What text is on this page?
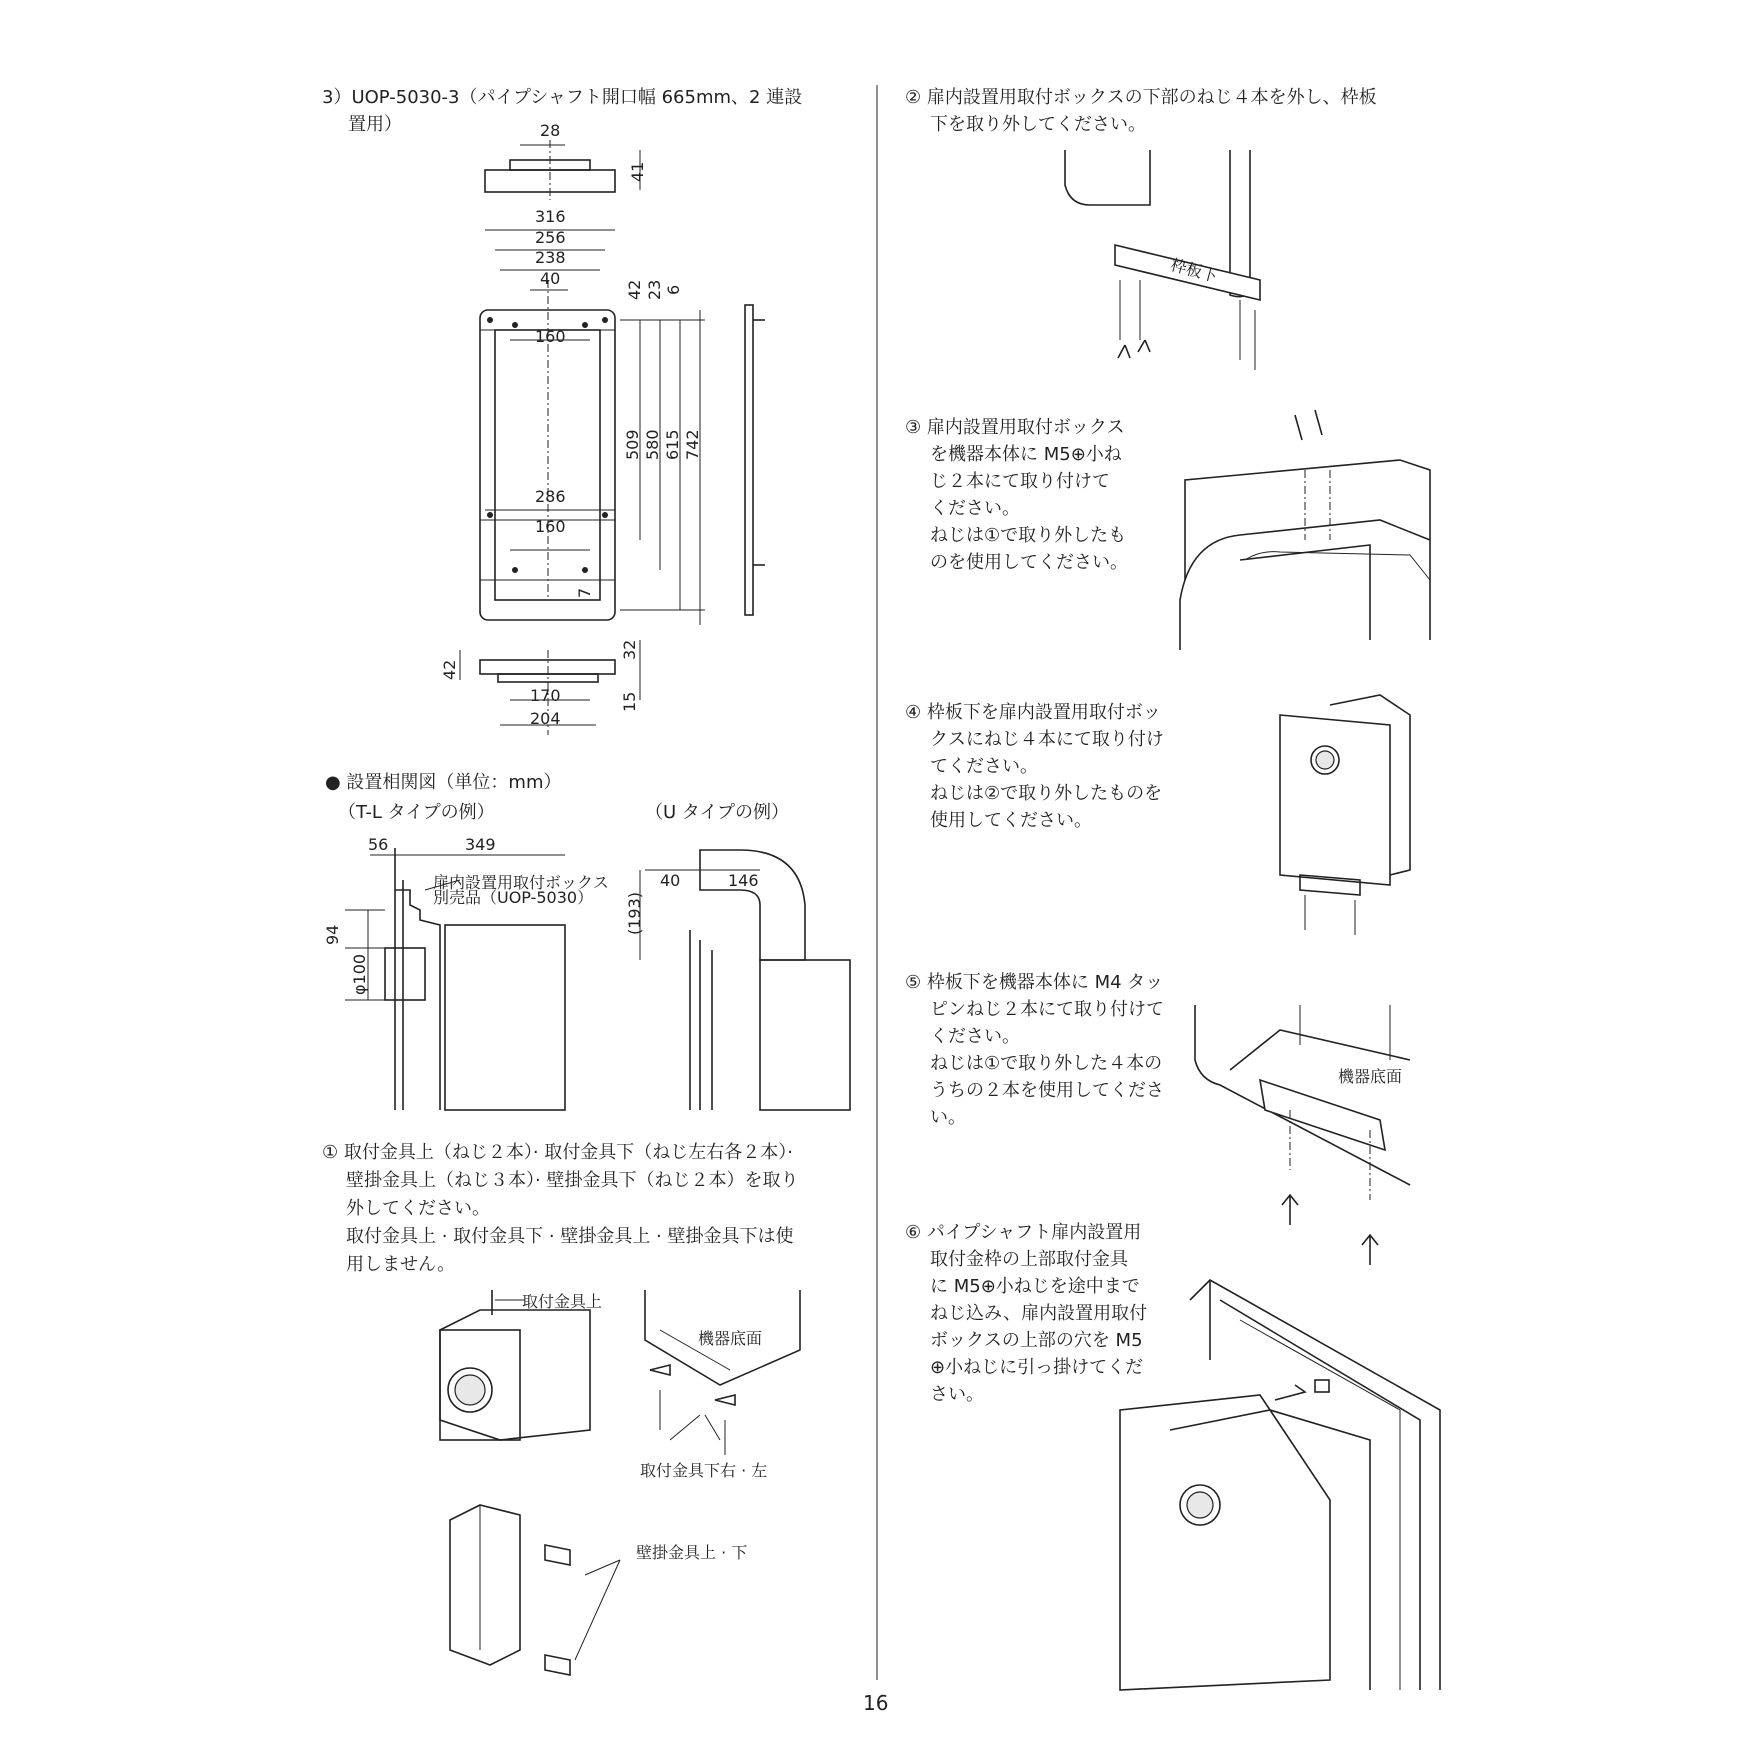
3）UOP-5030-3（パイプシャフト開口幅 665mm、2 連設
置用）	28
41
316
256
238
40
42 23 6
160
509 580 615 742
286
160
7
32
42
15
170
204
● 設置相関図（単位：mm）
（T-L タイプの例）	（U タイプの例）
56	349
94
φ100
扉内設置用取付ボックス
別売品（UOP-5030）
40	146
(193)
① 取付金具上（ねじ２本）· 取付金具下（ねじ左右各２本）·
壁掛金具上（ねじ３本）· 壁掛金具下（ねじ２本）を取り
外してください。
取付金具上 · 取付金具下 · 壁掛金具上 · 壁掛金具下は使
用しません。
取付金具上
機器底面
取付金具下右 · 左
壁掛金具上 · 下
② 扉内設置用取付ボックスの下部のねじ４本を外し、枠板
下を取り外してください。
枠板下
③ 扉内設置用取付ボックス
を機器本体に M5⊕小ね
じ２本にて取り付けて
ください。
ねじは①で取り外したも
のを使用してください。
④ 枠板下を扉内設置用取付ボッ
クスにねじ４本にて取り付け
てください。
ねじは②で取り外したものを
使用してください。
⑤ 枠板下を機器本体に M4 タッ
ピンねじ２本にて取り付けて
ください。
ねじは①で取り外した４本の
うちの２本を使用してくださ
い。
機器底面
⑥ パイプシャフト扉内設置用
取付金枠の上部取付金具
に M5⊕小ねじを途中まで
ねじ込み、扉内設置用取付
ボックスの上部の穴を M5
⊕小ねじに引っ掛けてくだ
さい。
16
